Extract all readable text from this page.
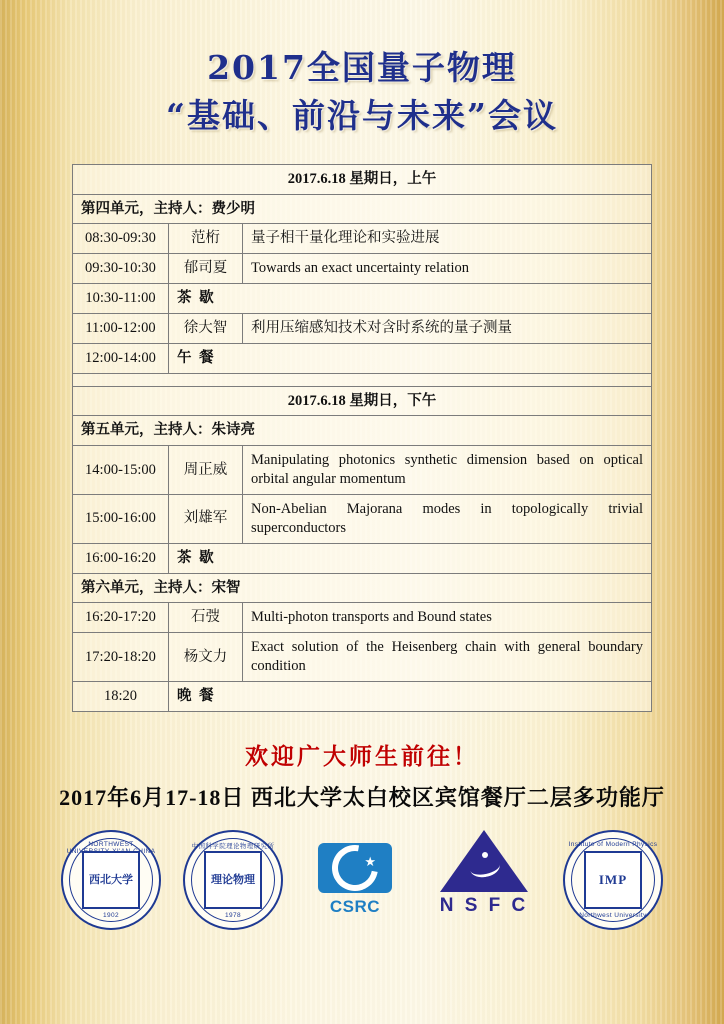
2017全国量子物理
“基础、前沿与未来”会议
2017.6.18 星期日，上午		
第四单元，主持人：费少明		
08:30-09:30	范桁	量子相干量化理论和实验进展
09:30-10:30	郁司夏	Towards an exact uncertainty relation
10:30-11:00	茶 歇	
11:00-12:00	徐大智	利用压缩感知技术对含时系统的量子测量
12:00-14:00	午 餐	

2017.6.18 星期日，下午		
第五单元，主持人：朱诗亮		
14:00-15:00	周正威	Manipulating photonics synthetic dimension based on optical orbital angular momentum
15:00-16:00	刘雄军	Non-Abelian Majorana modes in topologically trivial superconductors
16:00-16:20	茶 歇	
第六单元，主持人：宋智		
16:20-17:20	石弢	Multi-photon transports and Bound states
17:20-18:20	杨文力	Exact solution of the Heisenberg chain with general boundary condition
18:20	晚 餐	
欢迎广大师生前往！
2017年6月17-18日 西北大学太白校区宾馆餐厅二层多功能厅
NORTHWEST UNIVERSITY·XI'AN·CHINA
西北大学
1902
中国科学院理论物理研究所
理论物理
1978
★
CSRC	N S F C
Institute of Modern Physics
IMP
Northwest University
